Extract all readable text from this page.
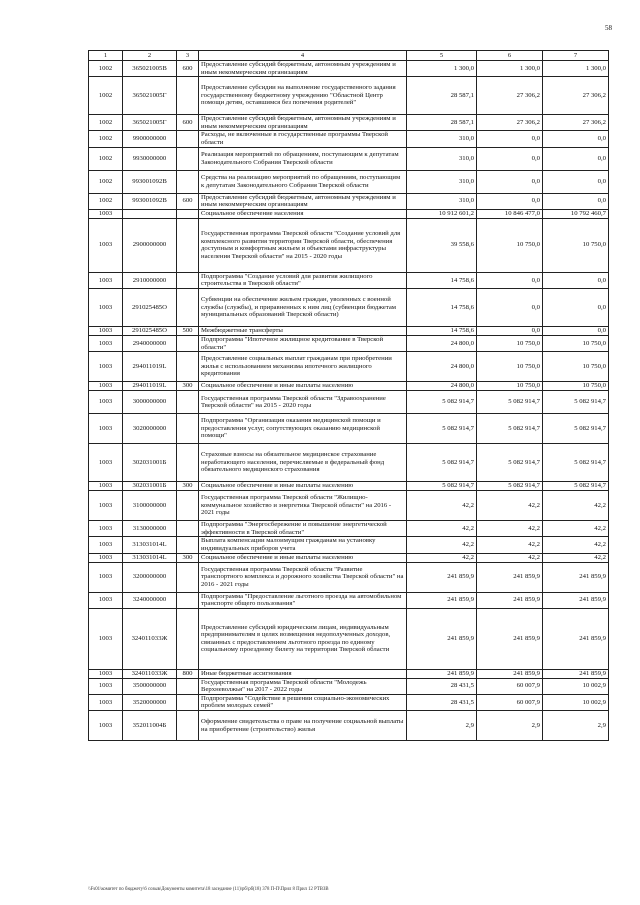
58
1	2	3	4	5	6	7
1002	365021005В	600	Предоставление субсидий бюджетным, автономным учреждениям и иным некоммерческим организациям	1 300,0	1 300,0	1 300,0
1002	365021005Г		Предоставление субсидии на выполнение государственного задания государственному бюджетному учреждению "Областной Центр помощи детям, оставшимся без попечения родителей"	28 587,1	27 306,2	27 306,2
1002	365021005Г	600	Предоставление субсидий бюджетным, автономным учреждениям и иным некоммерческим организациям	28 587,1	27 306,2	27 306,2
1002	9900000000		Расходы, не включенные в государственные программы Тверской области	310,0	0,0	0,0
1002	9930000000		Реализация мероприятий по обращениям, поступающим к депутатам Законодательного Собрания Тверской области	310,0	0,0	0,0
1002	993001092В		Средства на реализацию мероприятий по обращениям, поступающим к депутатам Законодательного Собрания Тверской области	310,0	0,0	0,0
1002	993001092В	600	Предоставление субсидий бюджетным, автономным учреждениям и иным некоммерческим организациям	310,0	0,0	0,0
1003			Социальное обеспечение населения	10 912 601,2	10 846 477,0	10 792 460,7
1003	2900000000		Государственная программа Тверской области "Создание условий для комплексного развития территории Тверской области, обеспечения доступным и комфортным жильем и объектами инфраструктуры населения Тверской области" на 2015 - 2020 годы	39 558,6	10 750,0	10 750,0
1003	2910000000		Подпрограмма "Создание условий для развития жилищного строительства в Тверской области"	14 758,6	0,0	0,0
1003	291025485О		Субвенции на обеспечение жильем граждан, уволенных с военной службы (службы), и приравненных к ним лиц (субвенции бюджетам муниципальных образований Тверской области)	14 758,6	0,0	0,0
1003	291025485О	500	Межбюджетные трансферты	14 758,6	0,0	0,0
1003	2940000000		Подпрограмма "Ипотечное жилищное кредитование в Тверской области"	24 800,0	10 750,0	10 750,0
1003	294011019L		Предоставление социальных выплат гражданам при приобретении жилья с использованием механизма ипотечного жилищного кредитования	24 800,0	10 750,0	10 750,0
1003	294011019L	300	Социальное обеспечение и иные выплаты населению	24 800,0	10 750,0	10 750,0
1003	3000000000		Государственная программа Тверской области "Здравоохранение Тверской области" на 2015 - 2020 годы	5 082 914,7	5 082 914,7	5 082 914,7
1003	3020000000		Подпрограмма "Организация оказания медицинской помощи и предоставления услуг, сопутствующих оказанию медицинской помощи"	5 082 914,7	5 082 914,7	5 082 914,7
1003	302031001Б		Страховые взносы на обязательное медицинское страхование неработающего населения, перечисляемые в федеральный фонд обязательного медицинского страхования	5 082 914,7	5 082 914,7	5 082 914,7
1003	302031001Б	300	Социальное обеспечение и иные выплаты населению	5 082 914,7	5 082 914,7	5 082 914,7
1003	3100000000		Государственная программа Тверской области "Жилищно-коммунальное хозяйство и энергетика Тверской области" на 2016 - 2021 годы	42,2	42,2	42,2
1003	3130000000		Подпрограмма "Энергосбережение и повышение энергетической эффективности в Тверской области"	42,2	42,2	42,2
1003	313031014L		Выплата компенсации малоимущим гражданам на установку индивидуальных приборов учета	42,2	42,2	42,2
1003	313031014L	300	Социальное обеспечение и иные выплаты населению	42,2	42,2	42,2
1003	3200000000		Государственная программа Тверской области "Развитие транспортного комплекса и дорожного хозяйства Тверской области" на 2016 - 2021 годы	241 859,9	241 859,9	241 859,9
1003	3240000000		Подпрограмма "Предоставление льготного проезда на автомобильном транспорте общего пользования"	241 859,9	241 859,9	241 859,9
1003	324011033Ж		Предоставление субсидий юридическим лицам, индивидуальным предпринимателям в целях возмещения недополученных доходов, связанных с предоставлением льготного проезда по единому социальному проездному билету на территории Тверской области	241 859,9	241 859,9	241 859,9
1003	324011033Ж	800	Иные бюджетные ассигнования	241 859,9	241 859,9	241 859,9
1003	3500000000		Государственная программа Тверской области "Молодежь Верхневолжья" на 2017 - 2022 годы	28 431,5	60 007,9	10 002,9
1003	3520000000		Подпрограмма "Содействие в решении социально-экономических проблем молодых семей"	28 431,5	60 007,9	10 002,9
1003	352011004Б		Оформление свидетельства о праве на получение социальной выплаты на приобретение (строительство) жилья	2,9	2,9	2,9
\\Fs01\комитет по бюджету\6 созыв\Документы комитета\18 заседание (11)\рб\рб(18) 378 П-П\Прил 8 Прил 12 РТВЗВ
